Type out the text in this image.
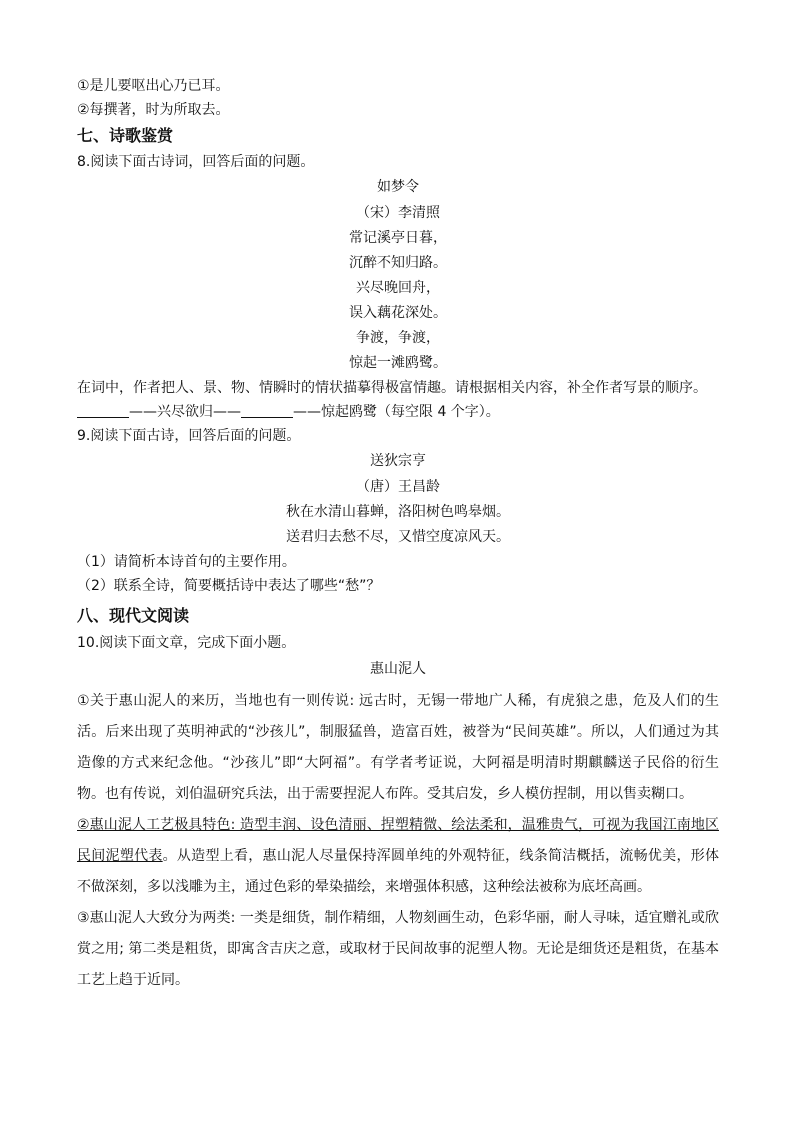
①是儿要呕出心乃已耳。
②每撰著，时为所取去。
七、诗歌鉴赏
8.阅读下面古诗词，回答后面的问题。
如梦令
（宋）李清照
常记溪亭日暮，
沉醉不知归路。
兴尽晚回舟，
误入藕花深处。
争渡，争渡，
惊起一滩鸥鹭。
在词中，作者把人、景、物、情瞬时的情状描摹得极富情趣。请根据相关内容，补全作者写景的顺序。
——兴尽欲归——	——惊起鸥鹭（每空限 4 个字）。
9.阅读下面古诗，回答后面的问题。
送狄宗亨
（唐）王昌龄
秋在水清山暮蝉，洛阳树色鸣皋烟。
送君归去愁不尽，又惜空度凉风天。
（1）请简析本诗首句的主要作用。
（2）联系全诗，简要概括诗中表达了哪些“愁”？
八、现代文阅读
10.阅读下面文章，完成下面小题。
惠山泥人
①关于惠山泥人的来历，当地也有一则传说: 远古时，无锡一带地广人稀，有虎狼之患，危及人们的生活。后来出现了英明神武的“沙孩儿”，制服猛兽，造富百姓，被誉为“民间英雄”。所以，人们通过为其造像的方式来纪念他。“沙孩儿”即“大阿福”。有学者考证说，大阿福是明清时期麒麟送子民俗的衍生物。也有传说，刘伯温研究兵法，出于需要捏泥人布阵。受其启发，乡人模仿捏制，用以售卖糊口。
②惠山泥人工艺极具特色: 造型丰润、设色清丽、捏塑精微、绘法柔和，温雅贵气，可视为我国江南地区民间泥塑代表。从造型上看，惠山泥人尽量保持浑圆单纯的外观特征，线条简洁概括，流畅优美，形体不做深刻，多以浅雕为主，通过色彩的晕染描绘，来增强体积感，这种绘法被称为底坯高画。
③惠山泥人大致分为两类: 一类是细货，制作精细，人物刻画生动，色彩华丽，耐人寻味，适宜赠礼或欣赏之用; 第二类是粗货，即寓含吉庆之意，或取材于民间故事的泥塑人物。无论是细货还是粗货，在基本工艺上趋于近同。
